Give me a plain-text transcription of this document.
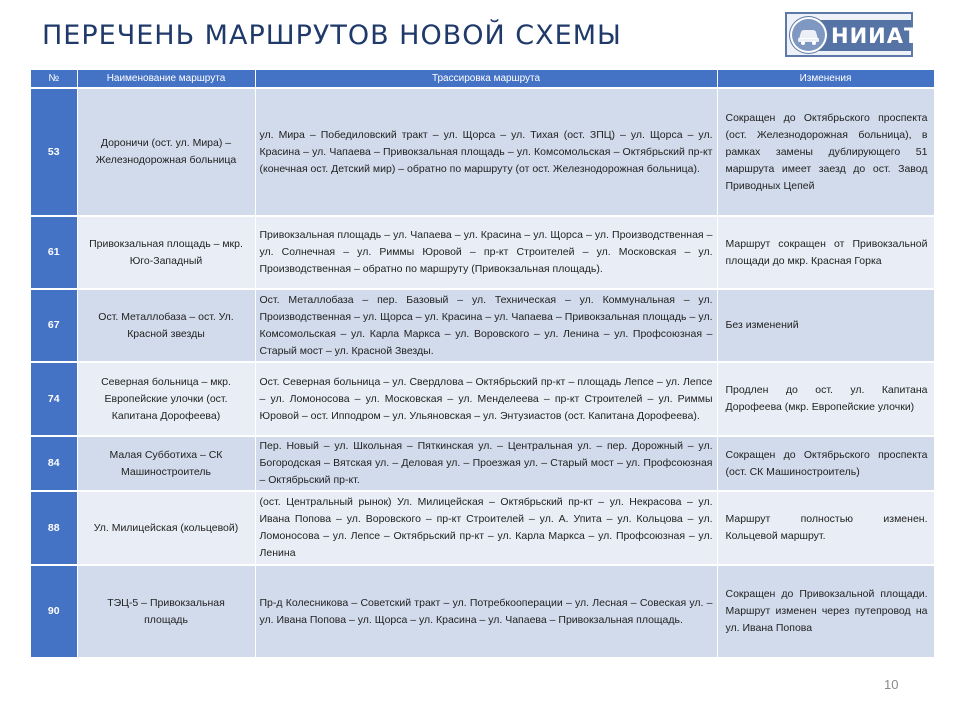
ПЕРЕЧЕНЬ МАРШРУТОВ НОВОЙ СХЕМЫ	НИИАТ
№	Наименование маршрута	Трассировка маршрута	Изменения
53	Дороничи (ост. ул. Мира) – Железнодорожная больница	ул. Мира – Победиловский тракт – ул. Щорса – ул. Тихая (ост. ЗПЦ) – ул. Щорса – ул. Красина – ул. Чапаева – Привокзальная площадь – ул. Комсомольская – Октябрьский пр-кт (конечная ост. Детский мир) – обратно по маршруту (от ост. Железнодорожная больница).	Сокращен до Октябрьского проспекта (ост. Железнодорожная больница), в рамках замены дублирующего 51 маршрута имеет заезд до ост. Завод Приводных Цепей

61	Привокзальная площадь – мкр. Юго-Западный	Привокзальная площадь – ул. Чапаева – ул. Красина – ул. Щорса – ул. Производственная – ул. Солнечная – ул. Риммы Юровой – пр-кт Строителей – ул. Московская – ул. Производственная – обратно по маршруту (Привокзальная площадь).	Маршрут сокращен от Привокзальной площади до мкр. Красная Горка

67	Ост. Металлобаза – ост. Ул. Красной звезды	Ост. Металлобаза – пер. Базовый – ул. Техническая – ул. Коммунальная – ул. Производственная – ул. Щорса – ул. Красина – ул. Чапаева – Привокзальная площадь – ул. Комсомольская – ул. Карла Маркса – ул. Воровского – ул. Ленина – ул. Профсоюзная – Старый мост – ул. Красной Звезды.	Без изменений

74	Северная больница – мкр. Европейские улочки (ост. Капитана Дорофеева)	Ост. Северная больница – ул. Свердлова – Октябрьский пр-кт – площадь Лепсе – ул. Лепсе – ул. Ломоносова – ул. Московская – ул. Менделеева – пр-кт Строителей – ул. Риммы Юровой – ост. Ипподром – ул. Ульяновская – ул. Энтузиастов (ост. Капитана Дорофеева).	Продлен до ост. ул. Капитана Дорофеева (мкр. Европейские улочки)

84	Малая Субботиха – СК Машиностроитель	Пер. Новый – ул. Школьная – Пяткинская ул. – Центральная ул. – пер. Дорожный – ул. Богородская – Вятская ул. – Деловая ул. – Проезжая ул. – Старый мост – ул. Профсоюзная – Октябрьский пр-кт.	Сокращен до Октябрьского проспекта (ост. СК Машиностроитель)

88	Ул. Милицейская (кольцевой)	(ост. Центральный рынок) Ул. Милицейская – Октябрьский пр-кт – ул. Некрасова – ул. Ивана Попова – ул. Воровского – пр-кт Строителей – ул. А. Упита – ул. Кольцова – ул. Ломоносова – ул. Лепсе – Октябрьский пр-кт – ул. Карла Маркса – ул. Профсоюзная – ул. Ленина	Маршрут полностью изменен. Кольцевой маршрут.

90	ТЭЦ-5 – Привокзальная площадь	Пр-д Колесникова – Советский тракт – ул. Потребкооперации – ул. Лесная – Совеская ул. – ул. Ивана Попова – ул. Щорса – ул. Красина – ул. Чапаева – Привокзальная площадь.	Сокращен до Привокзальной площади. Маршрут изменен через путепровод на ул. Ивана Попова
10
